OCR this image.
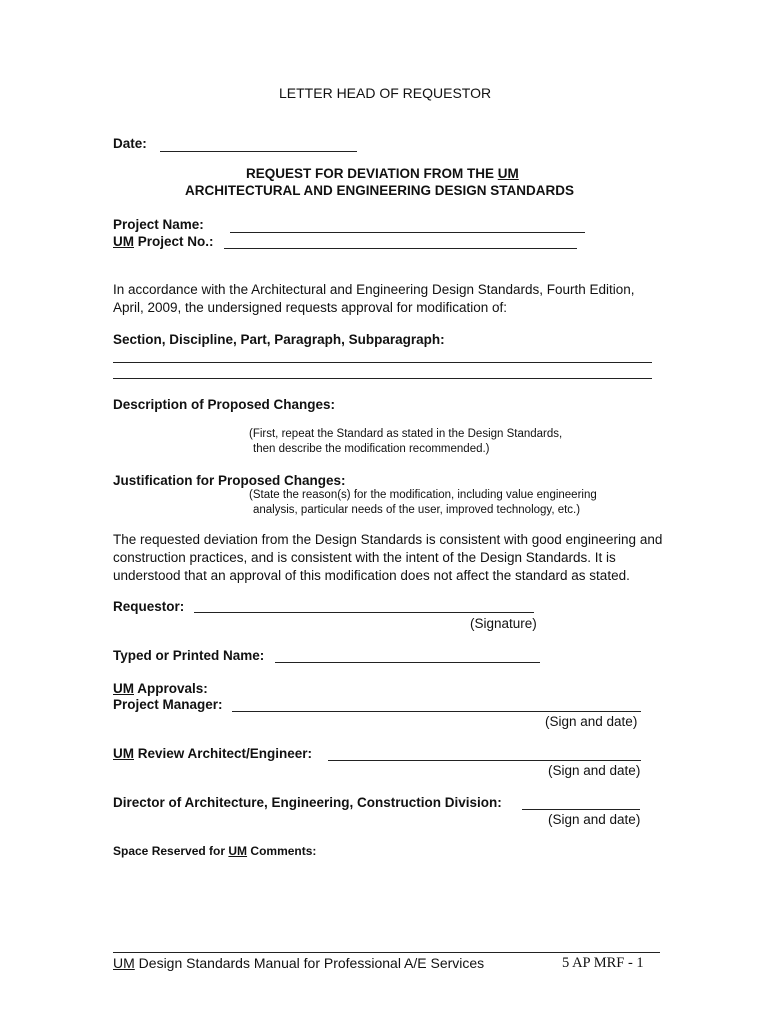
LETTER HEAD OF REQUESTOR
Date:
REQUEST FOR DEVIATION FROM THE UM
ARCHITECTURAL AND ENGINEERING DESIGN STANDARDS
Project Name:
UM Project No.:
In accordance with the Architectural and Engineering Design Standards, Fourth Edition, April, 2009, the undersigned requests approval for modification of:
Section, Discipline, Part, Paragraph, Subparagraph:
Description of Proposed Changes:
(First, repeat the Standard as stated in the Design Standards,
then describe the modification recommended.)
Justification for Proposed Changes:
(State the reason(s) for the modification, including value engineering
analysis, particular needs of the user, improved technology, etc.)
The requested deviation from the Design Standards is consistent with good engineering and construction practices, and is consistent with the intent of the Design Standards. It is understood that an approval of this modification does not affect the standard as stated.
Requestor:
(Signature)
Typed or Printed Name:
UM Approvals:
Project Manager:
(Sign and date)
UM Review Architect/Engineer:
(Sign and date)
Director of Architecture, Engineering, Construction Division:
(Sign and date)
Space Reserved for UM Comments:
UM Design Standards Manual for Professional A/E Services	5 AP MRF - 1
